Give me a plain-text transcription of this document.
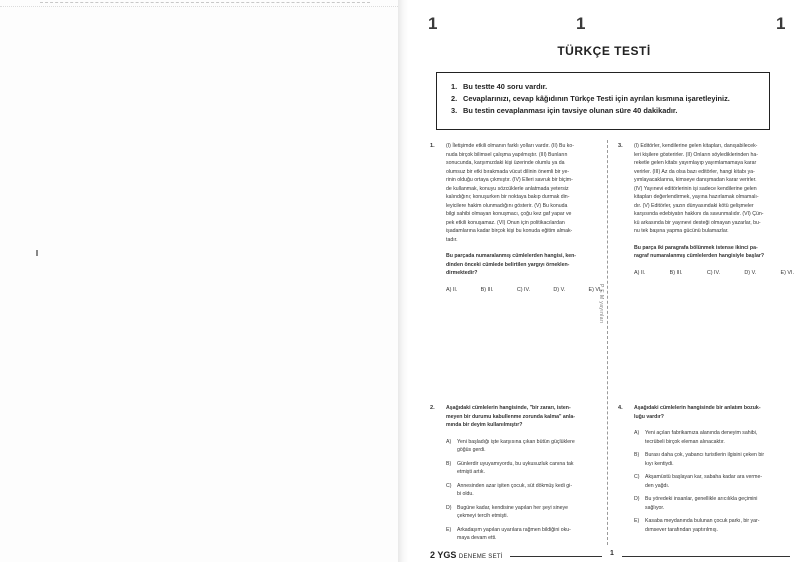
1	1	1
TÜRKÇE TESTİ
1. Bu testte 40 soru vardır.
2. Cevaplarınızı, cevap kâğıdının Türkçe Testi için ayrılan kısmına işaretleyiniz.
3. Bu testin cevaplanması için tavsiye olunan süre 40 dakikadır.
P E M yayınları
1. (I) İletişimde etkili olmanın farklı yolları vardır. (II) Bu ko-
nuda birçok bilimsel çalışma yapılmıştır. (III) Bunların
sonucunda, karşımızdaki kişi üzerinde olumlu ya da
olumsuz bir etki bırakmada vücut dilinin önemli bir ye-
rinin olduğu ortaya çıkmıştır. (IV) Elleri savruk bir biçim-
de kullanmak, konuyu sözcüklerle anlatmada yetersiz
kalındığını; konuşurken bir noktaya bakıp durmak din-
leyicilere hakim olunmadığını gösterir. (V) Bu konuda
bilgi sahibi olmayan konuşmacı, çoğu kez gaf yapar ve
pek etkili konuşamaz. (VI) Onun için politikacılardan
işadamlarına kadar birçok kişi bu konuda eğitim almak-
tadır.
Bu parçada numaralanmış cümlelerden hangisi, ken-
dinden önceki cümlede belirtilen yargıyı örneklen-
dirmektedir?
A) II.	B) III.	C) IV.	D) V.	E) VI.
3. (I) Editörler, kendilerine gelen kitapları, danışabilecek-
leri kişilere gösterirler. (II) Onların söylediklerinden ha-
reketle gelen kitabı yayımlayıp yayımlamamaya karar
verirler. (III) Az da olsa bazı editörler, hangi kitabı ya-
yımlayacaklarına, kimseye danışmadan karar verirler.
(IV) Yayınevi editörlerinin işi sadece kendilerine gelen
kitapları değerlendirmek, yayına hazırlamak olmamalı-
dır. (V) Editörler, yazın dünyasındaki kötü gelişmeler
karşısında edebiyatın hakkını da savunmalıdır. (VI) Çün-
kü arkasında bir yayınevi desteği olmayan yazarlar, bu-
nu tek başına yapma gücünü bulamazlar.
Bu parça iki paragrafa bölünmek istense ikinci pa-
ragraf numaralanmış cümlelerden hangisiyle başlar?
A) II.	B) III.	C) IV.	D) V.	E) VI.
2. Aşağıdaki cümlelerin hangisinde, "bir zararı, isten-
meyen bir durumu kabullenme zorunda kalma" anla-
mında bir deyim kullanılmıştır?
A)	Yeni başladığı işte karşısına çıkan bütün güçlüklere
göğüs gerdi.
B)	Günlerdir uyuyamıyordu, bu uykusuzluk canına tak
etmişti artık.
C)	Annesinden azar işiten çocuk, süt dökmüş kedi gi-
bi oldu.
D)	Bugüne kadar, kendisine yapılan her şeyi sineye
çekmeyi tercih etmişti.
E)	Arkadaşım yapılan uyarılara rağmen bildiğini oku-
maya devam etti.
4. Aşağıdaki cümlelerin hangisinde bir anlatım bozuk-
luğu vardır?
A)	Yeni açılan fabrikamıza alanında deneyim sahibi,
tecrübeli birçok eleman alınacaktır.
B)	Burası daha çok, yabancı turistlerin ilgisini çeken bir
kıyı kentiydi.
C)	Akşamüstü başlayan kar, sabaha kadar ara verme-
den yağdı.
D)	Bu yöredeki insanlar, genellikle arıcılıkla geçimini
sağlıyor.
E)	Kasaba meydanında bulunan çocuk parkı, bir yar-
dımsever tarafından yaptırılmış.
2 YGS DENEME SETİ	1
